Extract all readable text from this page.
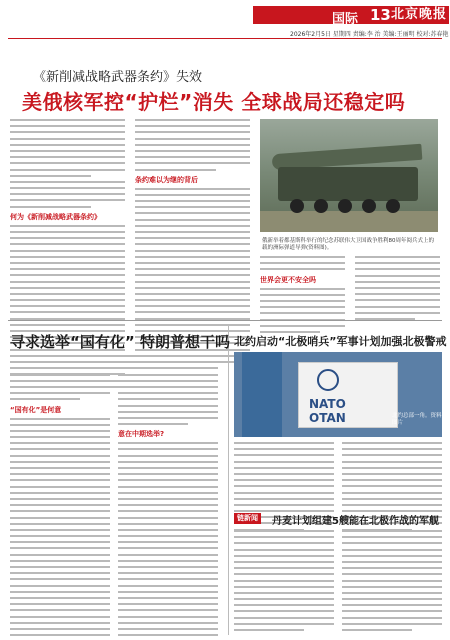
国际 13 北京晚报
2026年2月5日 星期四 责编:李 治 美编:王丽明 校对:苏春艳
《新削减战略武器条约》失效
美俄核军控“护栏”消失 全球战局还稳定吗
何为《新削减战略武器条约》
条约难以为继的背后
俄新举着都基斯科举行的纪念苏联伟大卫国战争胜利80周年阅兵式上的载的洲际弹道导弹(资料图)。
世界会更不安全吗
寻求选举“国有化” 特朗普想干吗
“国有化”是何意
意在中期选举?
北约启动“北极哨兵”军事计划加强北极警戒
NATO
OTAN	北约总部一角。资料图片
链新闻	丹麦计划组建5艘能在北极作战的军舰
